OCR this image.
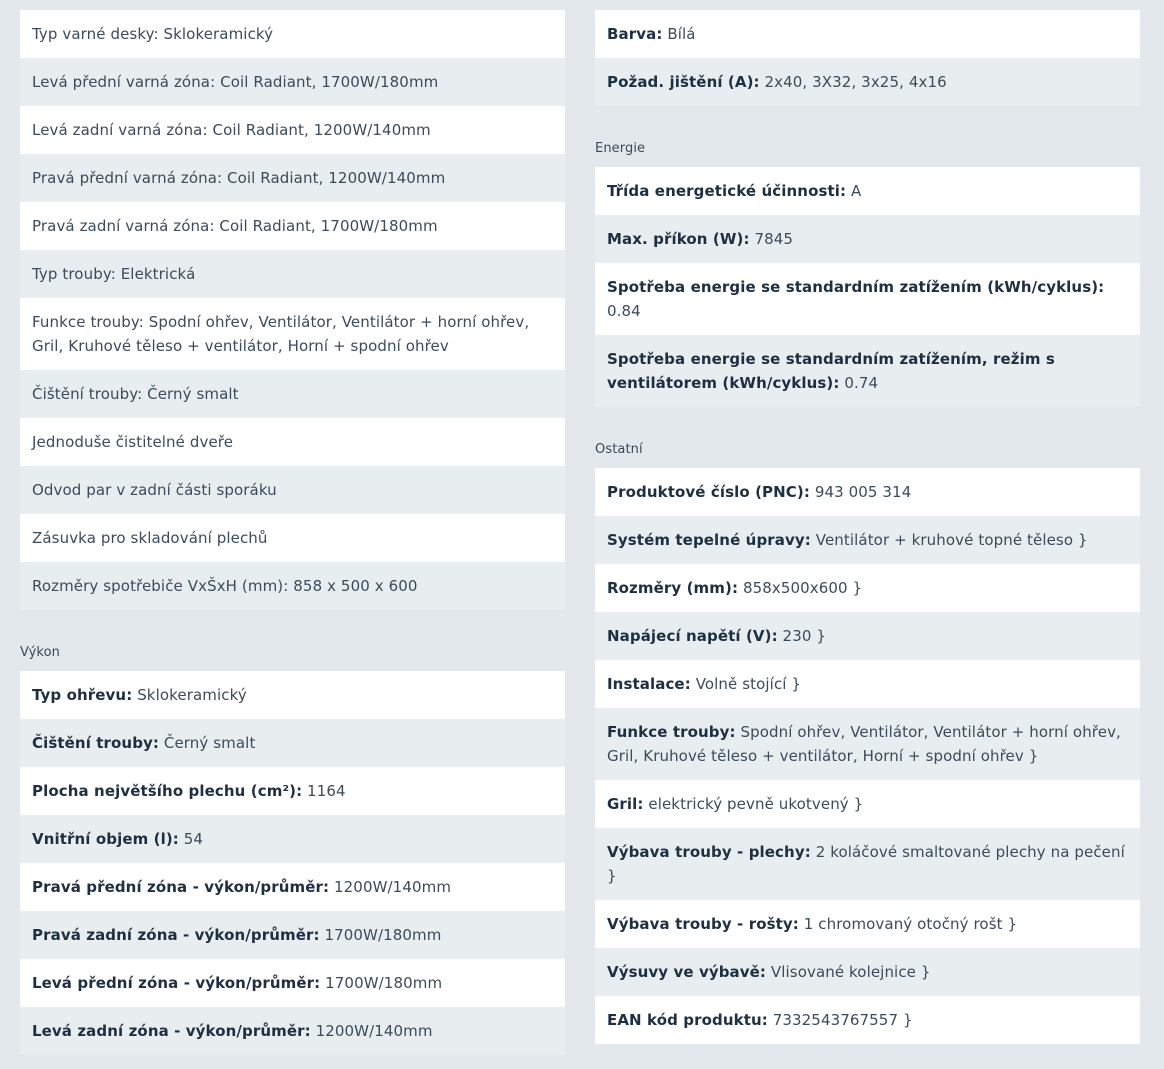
Typ varné desky: Sklokeramický
Levá přední varná zóna: Coil Radiant, 1700W/180mm
Levá zadní varná zóna: Coil Radiant, 1200W/140mm
Pravá přední varná zóna: Coil Radiant, 1200W/140mm
Pravá zadní varná zóna: Coil Radiant, 1700W/180mm
Typ trouby: Elektrická
Funkce trouby: Spodní ohřev, Ventilátor, Ventilátor + horní ohřev, Gril, Kruhové těleso + ventilátor, Horní + spodní ohřev
Čištění trouby: Černý smalt
Jednoduše čistitelné dveře
Odvod par v zadní části sporáku
Zásuvka pro skladování plechů
Rozměry spotřebiče VxŠxH (mm): 858 x 500 x 600
Výkon
Typ ohřevu: Sklokeramický
Čištění trouby: Černý smalt
Plocha největšího plechu (cm²): 1164
Vnitřní objem (l): 54
Pravá přední zóna - výkon/průměr: 1200W/140mm
Pravá zadní zóna - výkon/průměr: 1700W/180mm
Levá přední zóna - výkon/průměr: 1700W/180mm
Levá zadní zóna - výkon/průměr: 1200W/140mm
Barva: Bílá
Požad. jištění (A): 2x40, 3X32, 3x25, 4x16
Energie
Třída energetické účinnosti: A
Max. příkon (W): 7845
Spotřeba energie se standardním zatížením (kWh/cyklus): 0.84
Spotřeba energie se standardním zatížením, režim s ventilátorem (kWh/cyklus): 0.74
Ostatní
Produktové číslo (PNC): 943 005 314
Systém tepelné úpravy: Ventilátor + kruhové topné těleso }
Rozměry (mm): 858x500x600 }
Napájecí napětí (V): 230 }
Instalace: Volně stojící }
Funkce trouby: Spodní ohřev, Ventilátor, Ventilátor + horní ohřev, Gril, Kruhové těleso + ventilátor, Horní + spodní ohřev }
Gril: elektrický pevně ukotvený }
Výbava trouby - plechy: 2 koláčové smaltované plechy na pečení }
Výbava trouby - rošty: 1 chromovaný otočný rošt }
Výsuvy ve výbavě: Vlisované kolejnice }
EAN kód produktu: 7332543767557 }
